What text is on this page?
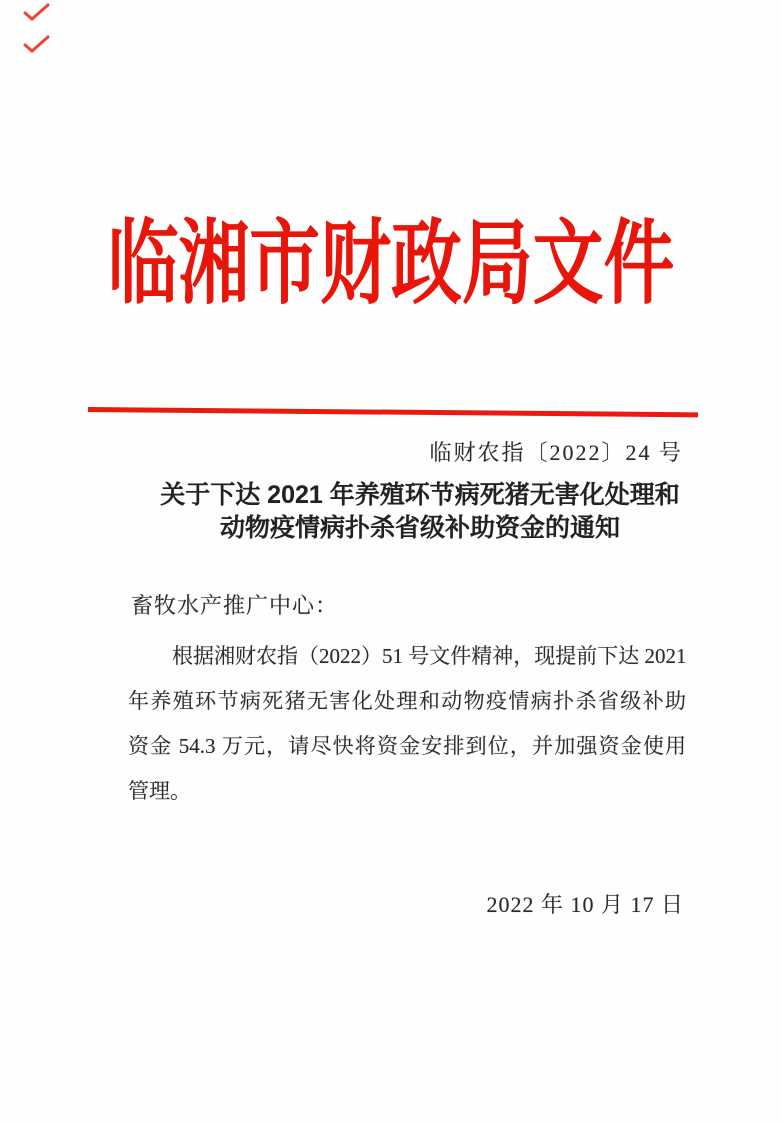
临湘市财政局文件
临财农指〔2022〕24 号
关于下达 2021 年养殖环节病死猪无害化处理和
动物疫情病扑杀省级补助资金的通知
畜牧水产推广中心：
根据湘财农指（2022）51 号文件精神，现提前下达 2021
年养殖环节病死猪无害化处理和动物疫情病扑杀省级补助
资金 54.3 万元，请尽快将资金安排到位，并加强资金使用
管理。
2022 年 10 月 17 日
